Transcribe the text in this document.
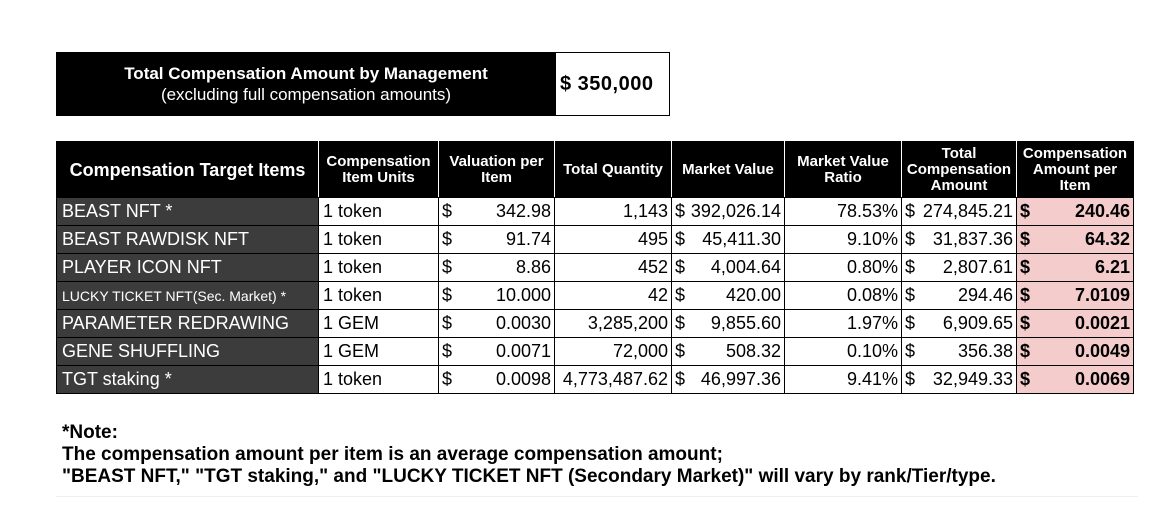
Total Compensation Amount by Management
(excluding full compensation amounts)	$ 350,000
Compensation Target Items	Compensation Item Units	Valuation per Item	Total Quantity	Market Value	Market Value Ratio	Total Compensation Amount	Compensation Amount per Item
BEAST NFT *	1 token	$ 342.98	1,143	$ 392,026.14	78.53%	$ 274,845.21	$ 240.46

BEAST RAWDISK NFT	1 token	$ 91.74	495	$ 45,411.30	9.10%	$ 31,837.36	$ 64.32

PLAYER ICON NFT	1 token	$ 8.86	452	$ 4,004.64	0.80%	$ 2,807.61	$ 6.21

LUCKY TICKET NFT(Sec. Market) *	1 token	$ 10.000	42	$ 420.00	0.08%	$ 294.46	$ 7.0109

PARAMETER REDRAWING	1 GEM	$ 0.0030	3,285,200	$ 9,855.60	1.97%	$ 6,909.65	$ 0.0021

GENE SHUFFLING	1 GEM	$ 0.0071	72,000	$ 508.32	0.10%	$ 356.38	$ 0.0049

TGT staking *	1 token	$ 0.0098	4,773,487.62	$ 46,997.36	9.41%	$ 32,949.33	$ 0.0069
*Note:
The compensation amount per item is an average compensation amount;
"BEAST NFT," "TGT staking," and "LUCKY TICKET NFT (Secondary Market)" will vary by rank/Tier/type.
